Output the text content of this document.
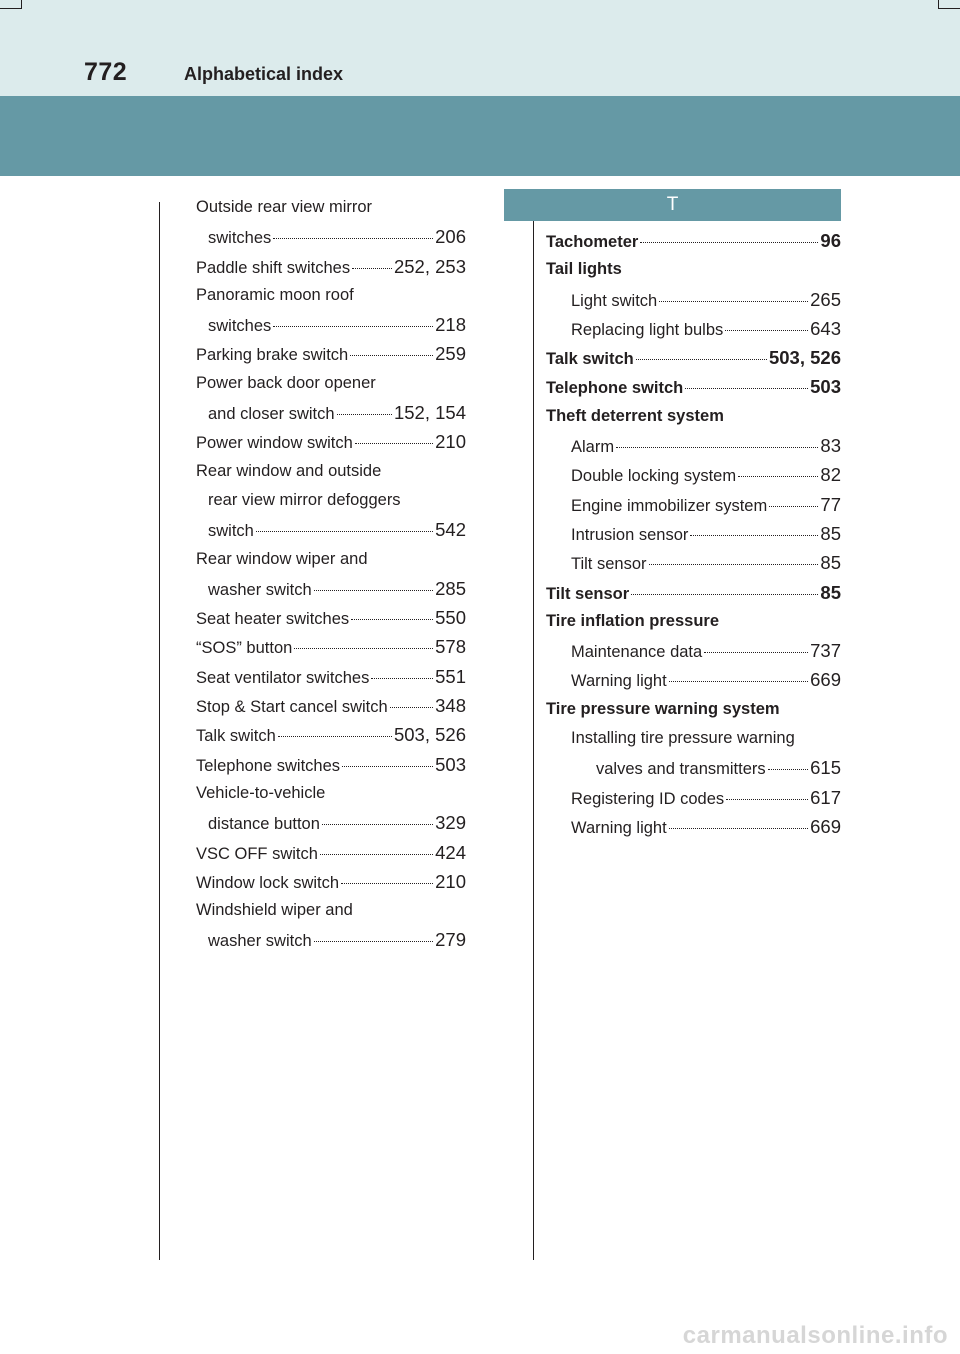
772	Alphabetical index
T
Outside rear view mirror
switches	206
Paddle shift switches 252, 253
Panoramic moon roof
switches	218
Parking brake switch	259
Power back door opener
and closer switch	152, 154
Power window switch	210
Rear window and outside
rear view mirror defoggers
switch	542
Rear window wiper and
washer switch	285
Seat heater switches	550
“SOS” button	578
Seat ventilator switches	551
Stop & Start cancel switch	348
Talk switch	503, 526
Telephone switches	503
Vehicle-to-vehicle
distance button	329
VSC OFF switch	424
Window lock switch	210
Windshield wiper and
washer switch	279
Tachometer	96
Tail lights
Light switch	265
Replacing light bulbs	643
Talk switch	503, 526
Telephone switch	503
Theft deterrent system
Alarm	83
Double locking system	82
Engine immobilizer system	77
Intrusion sensor	85
Tilt sensor	85
Tilt sensor	85
Tire inflation pressure
Maintenance data	737
Warning light	669
Tire pressure warning system
Installing tire pressure warning
valves and transmitters 615
Registering ID codes	617
Warning light	669
carmanualsonline.info
